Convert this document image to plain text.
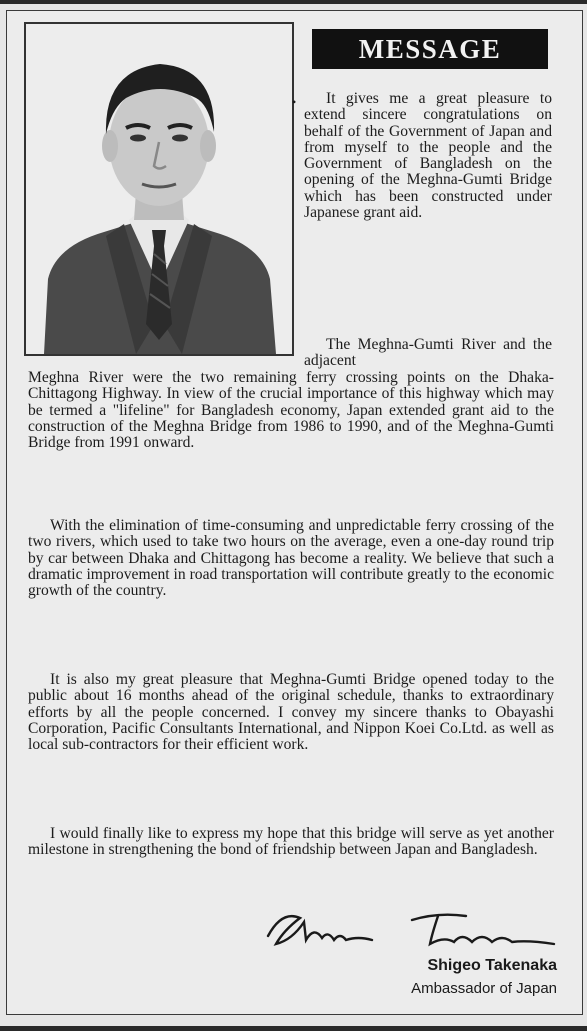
MESSAGE
•	It gives me a great pleasure to extend sincere congratulations on behalf of the Government of Japan and from myself to the people and the Government of Bangladesh on the opening of the Meghna-Gumti Bridge which has been constructed under Japanese grant aid.

The Meghna-Gumti River and the adjacent

Meghna River were the two remaining ferry crossing points on the Dhaka-Chittagong Highway. In view of the crucial importance of this highway which may be termed a "lifeline" for Bangladesh economy, Japan extended grant aid to the construction of the Meghna Bridge from 1986 to 1990, and of the Meghna-Gumti Bridge from 1991 onward.

With the elimination of time-consuming and unpredictable ferry crossing of the two rivers, which used to take two hours on the average, even a one-day round trip by car between Dhaka and Chittagong has become a reality. We believe that such a dramatic improvement in road transportation will contribute greatly to the economic growth of the country.

It is also my great pleasure that Meghna-Gumti Bridge opened today to the public about 16 months ahead of the original schedule, thanks to extraordinary efforts by all the people concerned. I convey my sincere thanks to Obayashi Corporation, Pacific Consultants International, and Nippon Koei Co.Ltd. as well as local sub-contractors for their efficient work.

I would finally like to express my hope that this bridge will serve as yet another milestone in strengthening the bond of friendship between Japan and Bangladesh.

Shigeo Takenaka
Ambassador of Japan
